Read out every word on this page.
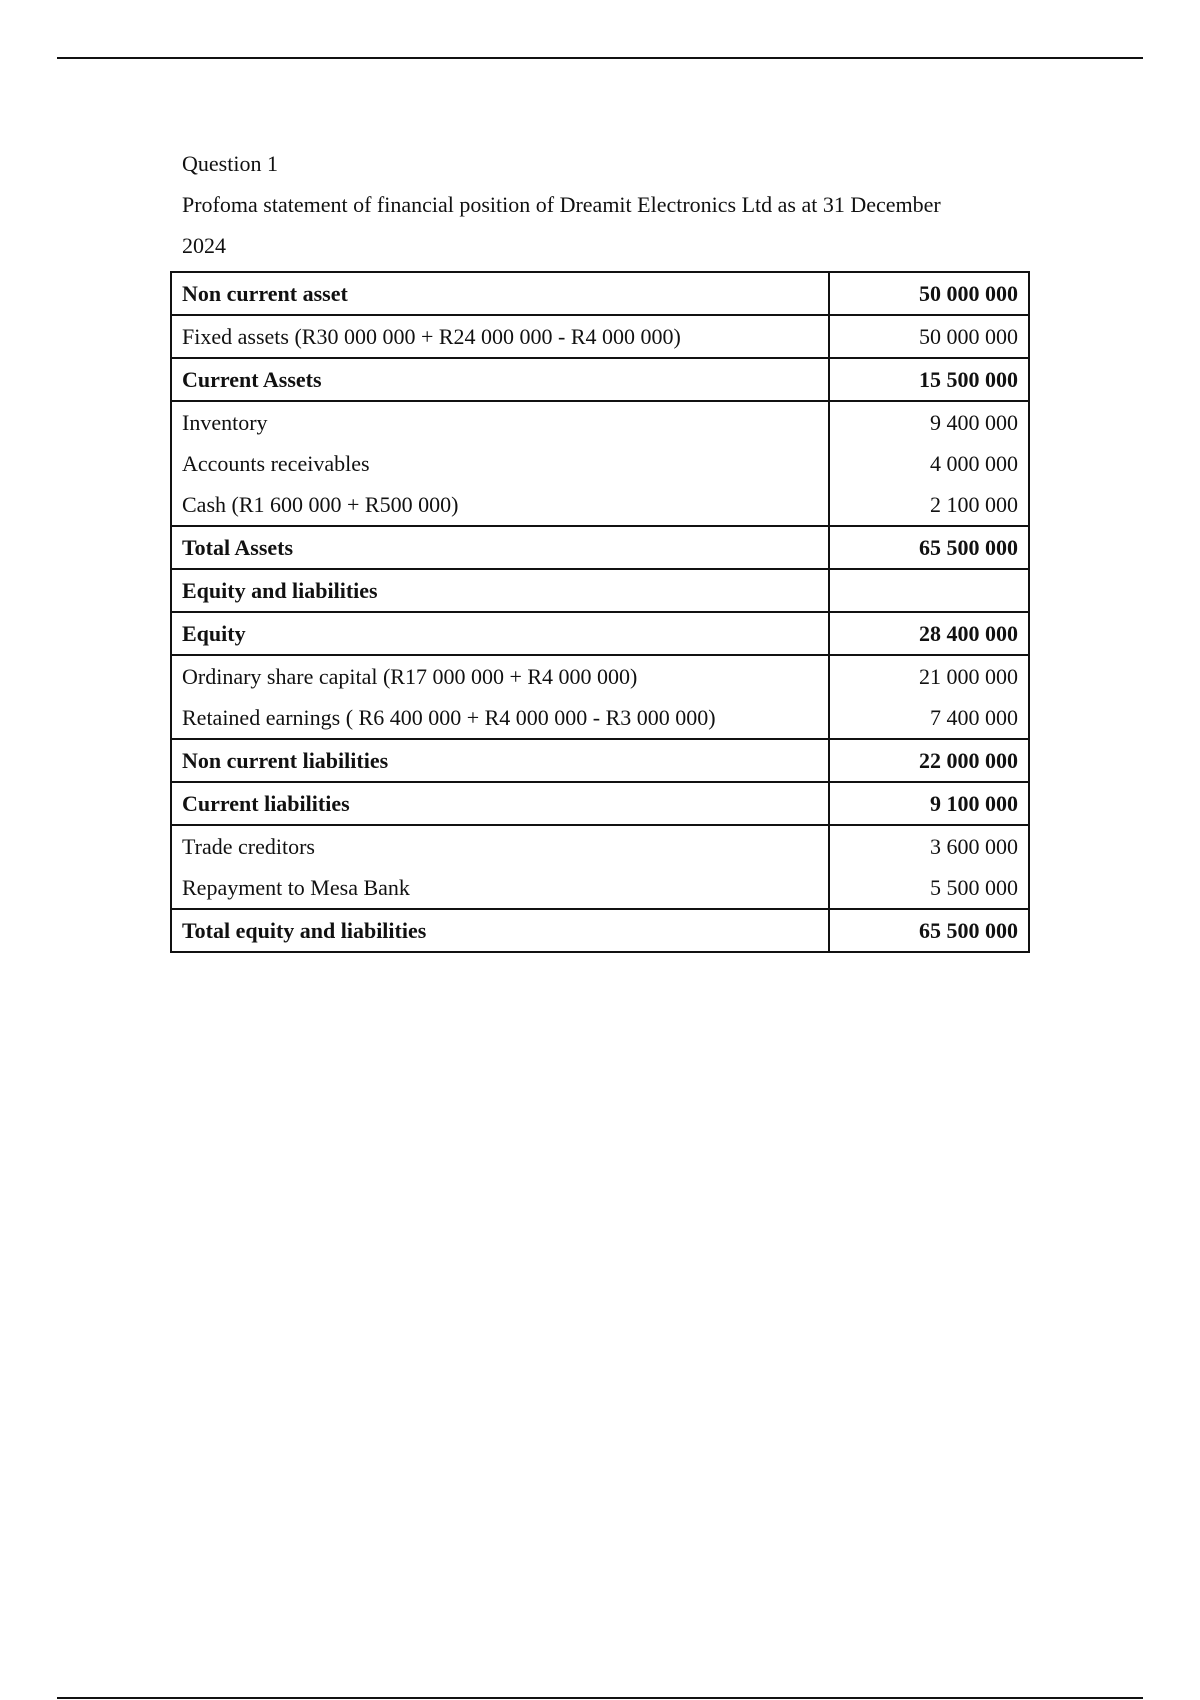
Question 1

Profoma statement of financial position of Dreamit Electronics Ltd as at 31 December
2024

Non current asset	50 000 000
Fixed assets (R30 000 000 + R24 000 000 - R4 000 000)	50 000 000
Current Assets	15 500 000
Inventory	9 400 000
Accounts receivables	4 000 000
Cash (R1 600 000 + R500 000)	2 100 000
Total Assets	65 500 000
Equity and liabilities	
Equity	28 400 000
Ordinary share capital (R17 000 000 + R4 000 000)	21 000 000
Retained earnings ( R6 400 000 + R4 000 000 - R3 000 000)	7 400 000
Non current liabilities	22 000 000
Current liabilities	9 100 000
Trade creditors	3 600 000
Repayment to Mesa Bank	5 500 000
Total equity and liabilities	65 500 000
